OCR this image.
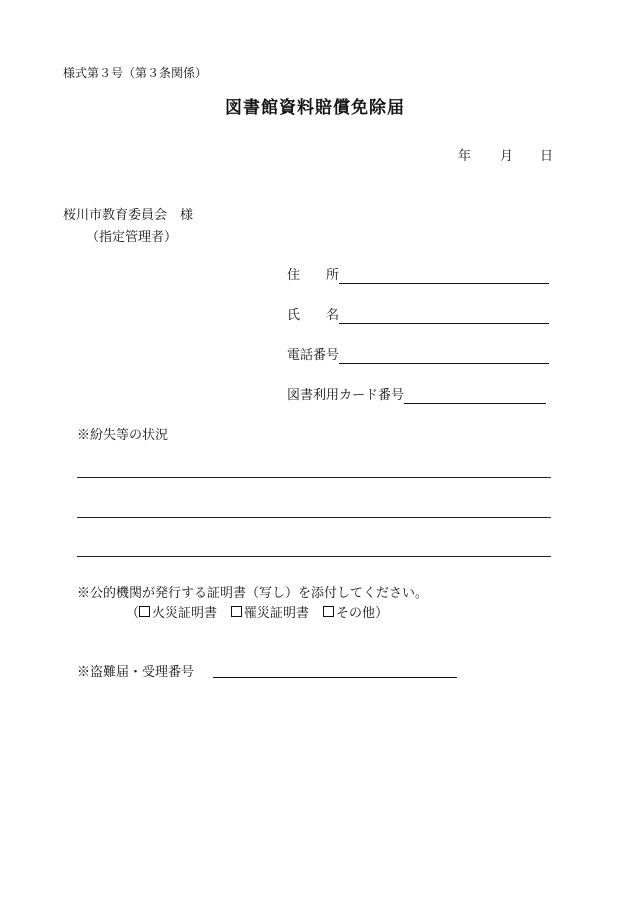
様式第３号（第３条関係）
図書館資料賠償免除届
年 月 日
桜川市教育委員会　様
（指定管理者）
住 所
氏 名
電話番号
図書利用カード番号
※紛失等の状況
※公的機関が発行する証明書（写し）を添付してください。
（ 火災証明書 罹災証明書 その他 ）
※盗難届・受理番号
